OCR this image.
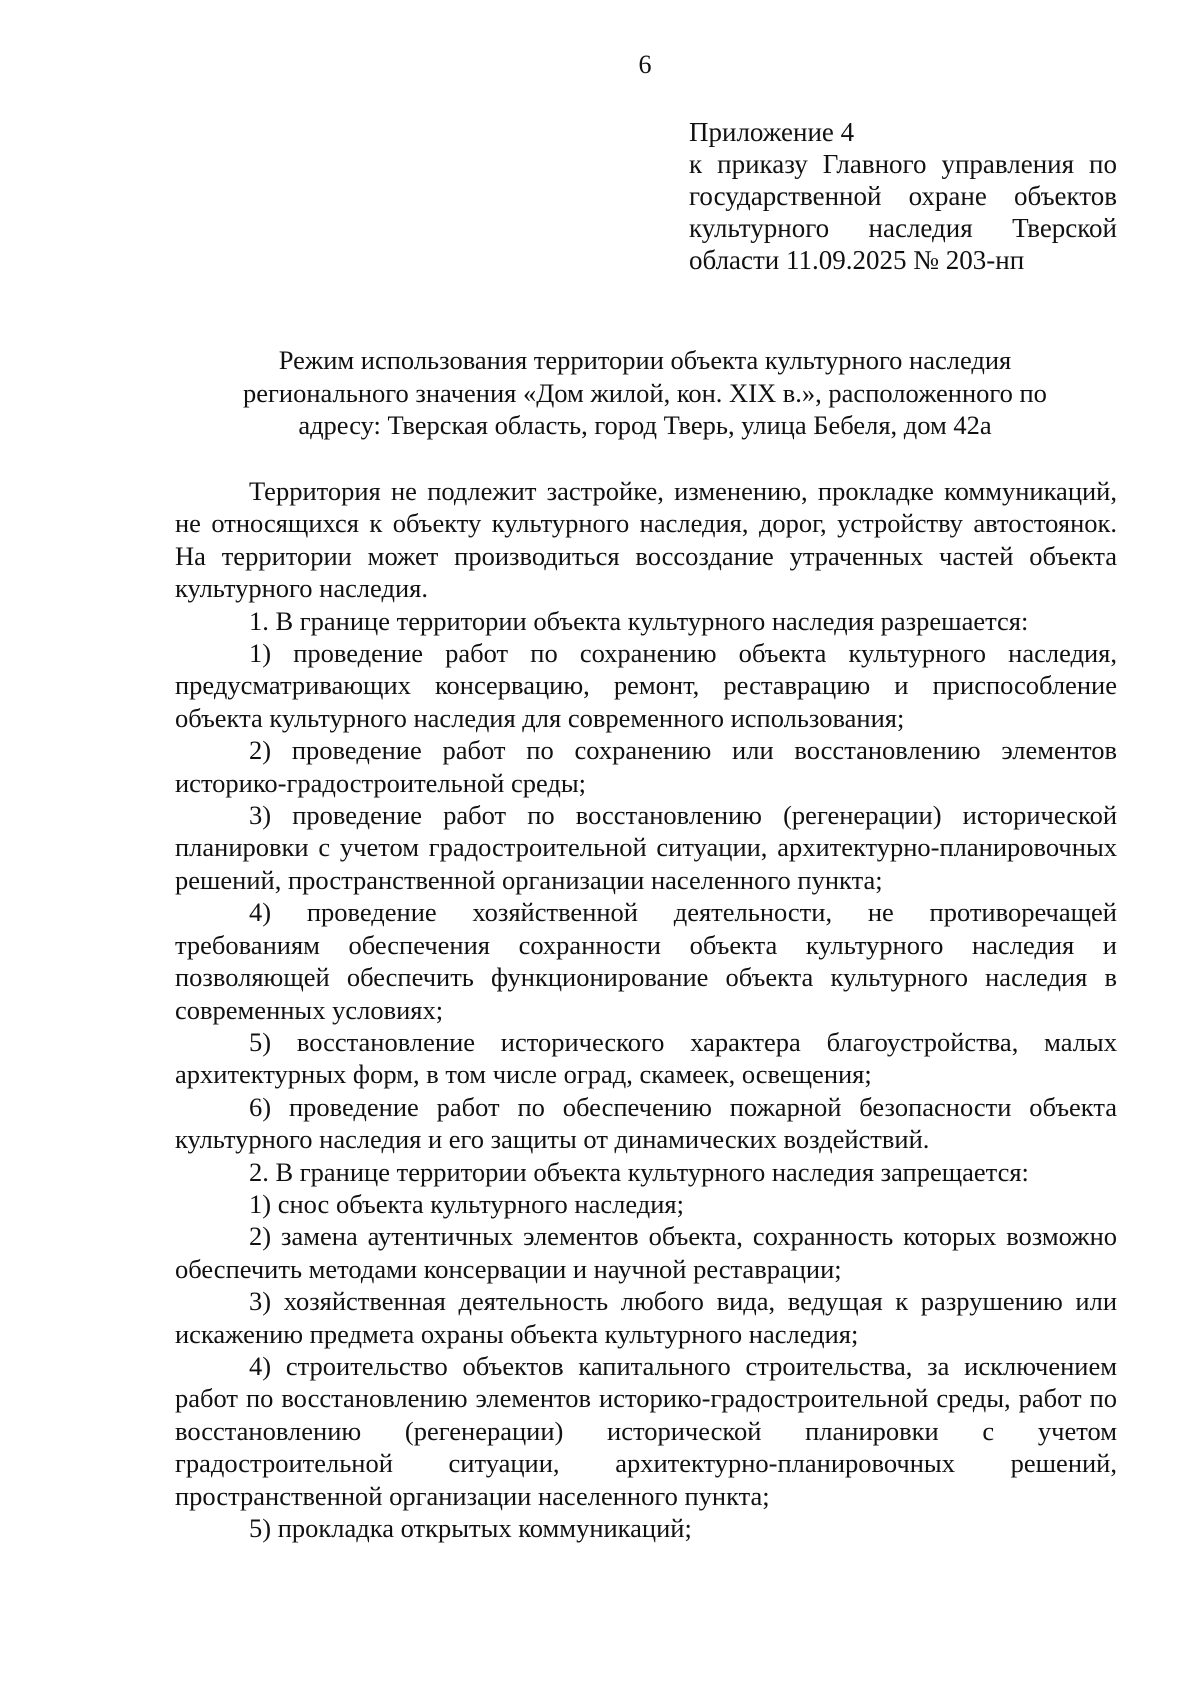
6
Приложение 4
к приказу Главного управления по государственной охране объектов культурного наследия Тверской области 11.09.2025 № 203-нп
Режим использования территории объекта культурного наследия
регионального значения «Дом жилой, кон. XIX в.», расположенного по
адресу: Тверская область, город Тверь, улица Бебеля, дом 42а

Территория не подлежит застройке, изменению, прокладке коммуникаций, не относящихся к объекту культурного наследия, дорог, устройству автостоянок. На территории может производиться воссоздание утраченных частей объекта культурного наследия.

1. В границе территории объекта культурного наследия разрешается:

1) проведение работ по сохранению объекта культурного наследия, предусматривающих консервацию, ремонт, реставрацию и приспособление объекта культурного наследия для современного использования;

2) проведение работ по сохранению или восстановлению элементов историко-градостроительной среды;

3) проведение работ по восстановлению (регенерации) исторической планировки с учетом градостроительной ситуации, архитектурно-планировочных решений, пространственной организации населенного пункта;

4) проведение хозяйственной деятельности, не противоречащей требованиям обеспечения сохранности объекта культурного наследия и позволяющей обеспечить функционирование объекта культурного наследия в современных условиях;

5) восстановление исторического характера благоустройства, малых архитектурных форм, в том числе оград, скамеек, освещения;

6) проведение работ по обеспечению пожарной безопасности объекта культурного наследия и его защиты от динамических воздействий.

2. В границе территории объекта культурного наследия запрещается:

1) снос объекта культурного наследия;

2) замена аутентичных элементов объекта, сохранность которых возможно обеспечить методами консервации и научной реставрации;

3) хозяйственная деятельность любого вида, ведущая к разрушению или искажению предмета охраны объекта культурного наследия;

4) строительство объектов капитального строительства, за исключением работ по восстановлению элементов историко-градостроительной среды, работ по восстановлению (регенерации) исторической планировки с учетом градостроительной ситуации, архитектурно-планировочных решений, пространственной организации населенного пункта;

5) прокладка открытых коммуникаций;
